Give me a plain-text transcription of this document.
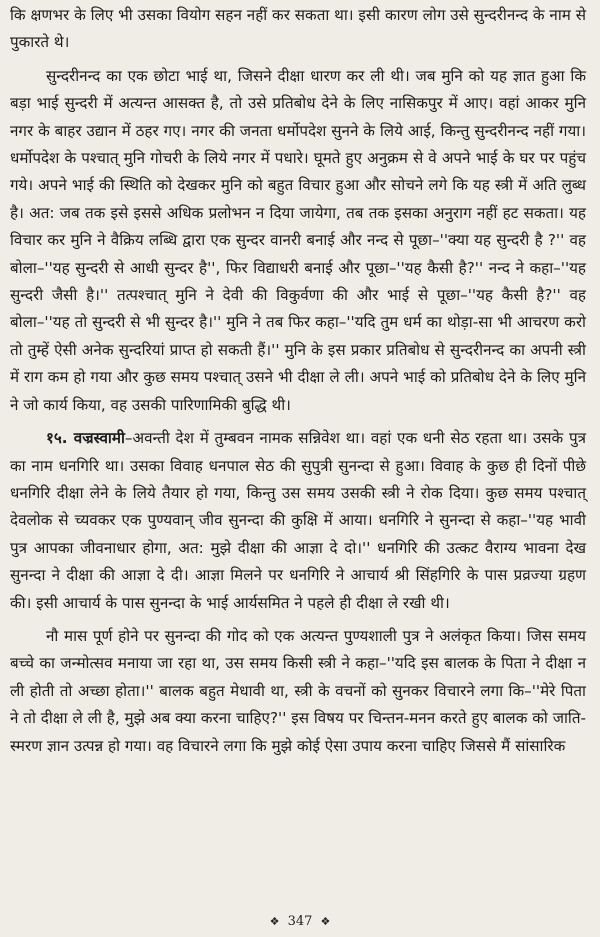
कि क्षणभर के लिए भी उसका वियोग सहन नहीं कर सकता था। इसी कारण लोग उसे सुन्दरीनन्द के नाम से पुकारते थे।

सुन्दरीनन्द का एक छोटा भाई था, जिसने दीक्षा धारण कर ली थी। जब मुनि को यह ज्ञात हुआ कि बड़ा भाई सुन्दरी में अत्यन्त आसक्त है, तो उसे प्रतिबोध देने के लिए नासिकपुर में आए। वहां आकर मुनि नगर के बाहर उद्यान में ठहर गए। नगर की जनता धर्मोपदेश सुनने के लिये आई, किन्तु सुन्दरीनन्द नहीं गया। धर्मोपदेश के पश्चात् मुनि गोचरी के लिये नगर में पधारे। घूमते हुए अनुक्रम से वे अपने भाई के घर पर पहुंच गये। अपने भाई की स्थिति को देखकर मुनि को बहुत विचार हुआ और सोचने लगे कि यह स्त्री में अति लुब्ध है। अत: जब तक इसे इससे अधिक प्रलोभन न दिया जायेगा, तब तक इसका अनुराग नहीं हट सकता। यह विचार कर मुनि ने वैक्रिय लब्धि द्वारा एक सुन्दर वानरी बनाई और नन्द से पूछा–''क्या यह सुन्दरी है ?'' वह बोला–''यह सुन्दरी से आधी सुन्दर है'', फिर विद्याधरी बनाई और पूछा–''यह कैसी है?'' नन्द ने कहा–''यह सुन्दरी जैसी है।'' तत्पश्चात् मुनि ने देवी की विकुर्वणा की और भाई से पूछा–''यह कैसी है?'' वह बोला–''यह तो सुन्दरी से भी सुन्दर है।'' मुनि ने तब फिर कहा–''यदि तुम धर्म का थोड़ा-सा भी आचरण करो तो तुम्हें ऐसी अनेक सुन्दरियां प्राप्त हो सकती हैं।'' मुनि के इस प्रकार प्रतिबोध से सुन्दरीनन्द का अपनी स्त्री में राग कम हो गया और कुछ समय पश्चात् उसने भी दीक्षा ले ली। अपने भाई को प्रतिबोध देने के लिए मुनि ने जो कार्य किया, वह उसकी पारिणामिकी बुद्धि थी।

१५. वज्रस्वामी–अवन्ती देश में तुम्बवन नामक सन्निवेश था। वहां एक धनी सेठ रहता था। उसके पुत्र का नाम धनगिरि था। उसका विवाह धनपाल सेठ की सुपुत्री सुनन्दा से हुआ। विवाह के कुछ ही दिनों पीछे धनगिरि दीक्षा लेने के लिये तैयार हो गया, किन्तु उस समय उसकी स्त्री ने रोक दिया। कुछ समय पश्चात् देवलोक से च्यवकर एक पुण्यवान् जीव सुनन्दा की कुक्षि में आया। धनगिरि ने सुनन्दा से कहा–''यह भावी पुत्र आपका जीवनाधार होगा, अत: मुझे दीक्षा की आज्ञा दे दो।'' धनगिरि की उत्कट वैराग्य भावना देख सुनन्दा ने दीक्षा की आज्ञा दे दी। आज्ञा मिलने पर धनगिरि ने आचार्य श्री सिंहगिरि के पास प्रव्रज्या ग्रहण की। इसी आचार्य के पास सुनन्दा के भाई आर्यसमित ने पहले ही दीक्षा ले रखी थी।

नौ मास पूर्ण होने पर सुनन्दा की गोद को एक अत्यन्त पुण्यशाली पुत्र ने अलंकृत किया। जिस समय बच्चे का जन्मोत्सव मनाया जा रहा था, उस समय किसी स्त्री ने कहा–''यदि इस बालक के पिता ने दीक्षा न ली होती तो अच्छा होता।'' बालक बहुत मेधावी था, स्त्री के वचनों को सुनकर विचारने लगा कि–''मेरे पिता ने तो दीक्षा ले ली है, मुझे अब क्या करना चाहिए?'' इस विषय पर चिन्तन-मनन करते हुए बालक को जाति-स्मरण ज्ञान उत्पन्न हो गया। वह विचारने लगा कि मुझे कोई ऐसा उपाय करना चाहिए जिससे मैं सांसारिक

❖ 347 ❖
